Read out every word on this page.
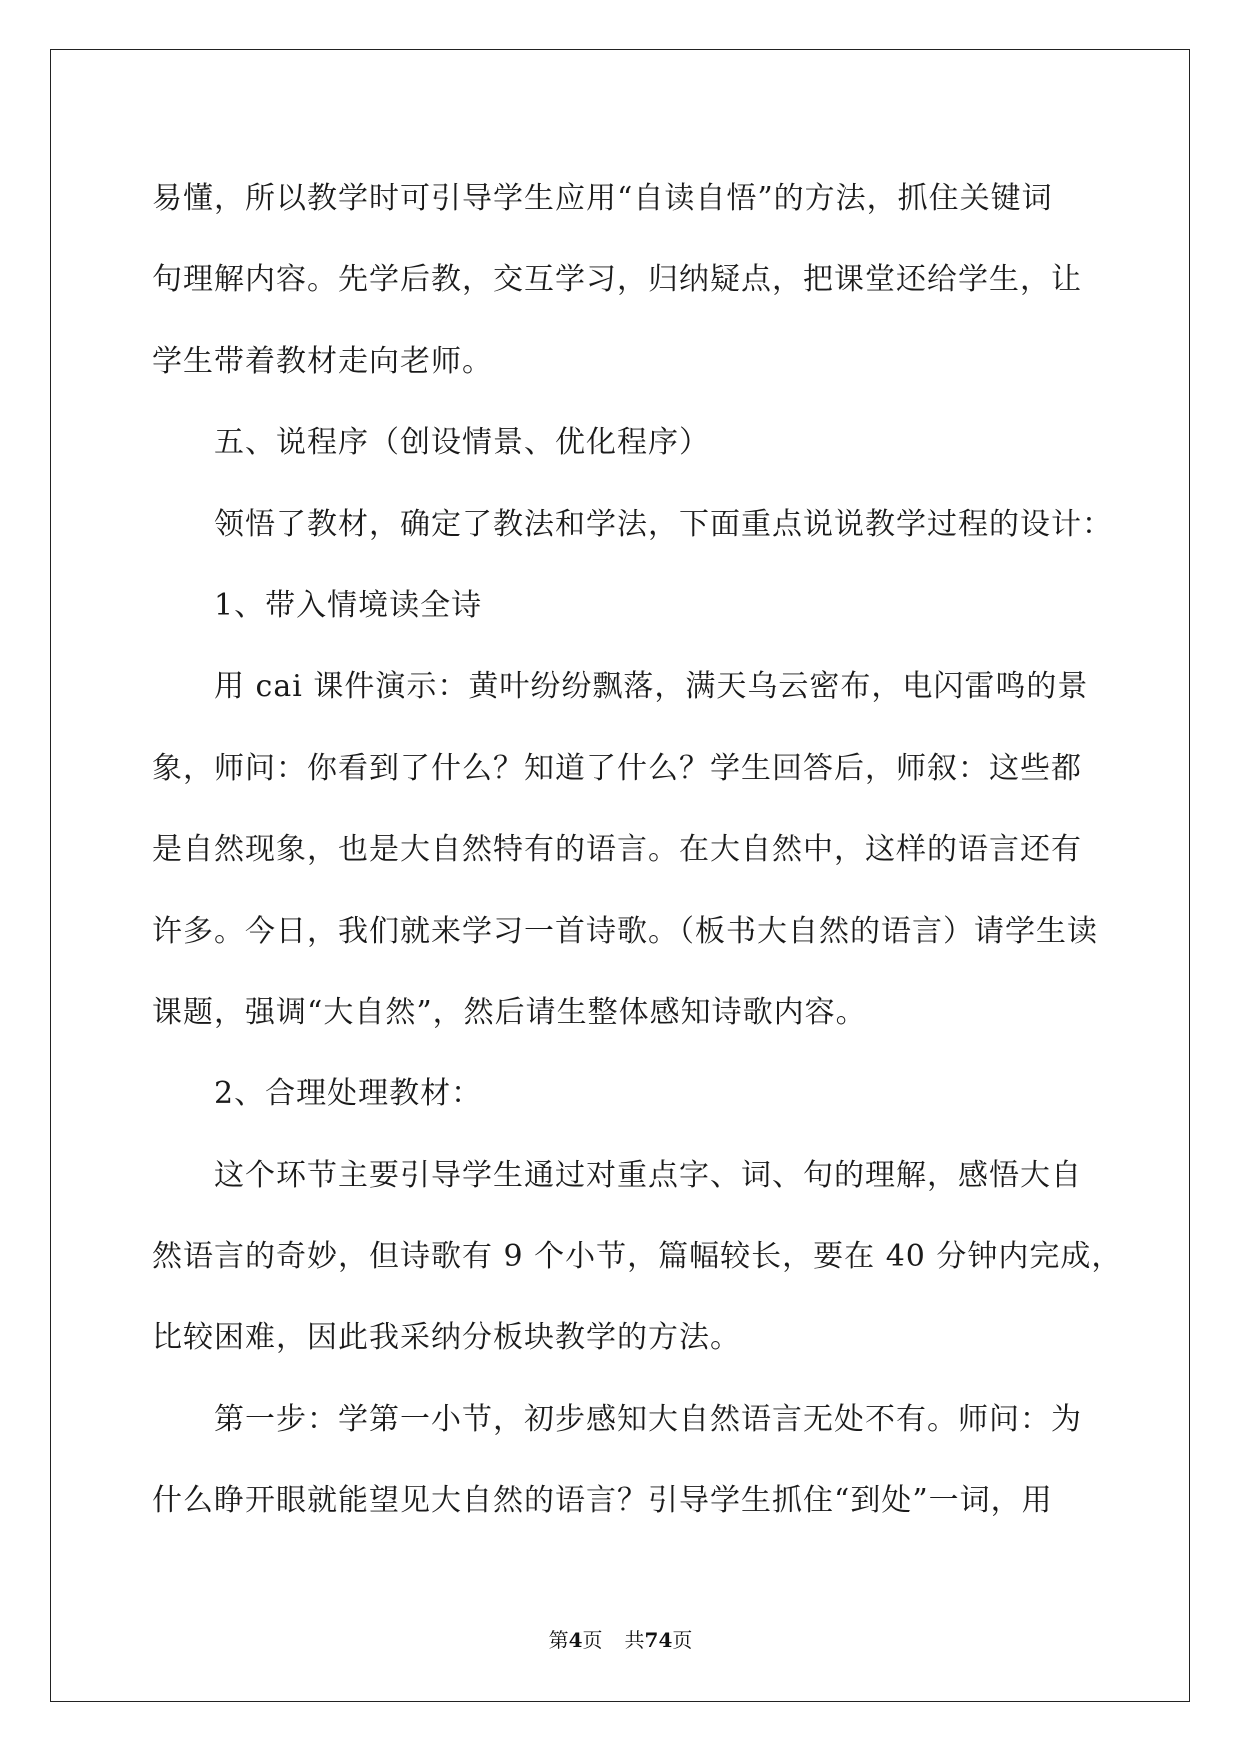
易懂，所以教学时可引导学生应用“自读自悟”的方法，抓住关键词
句理解内容。先学后教，交互学习，归纳疑点，把课堂还给学生，让
学生带着教材走向老师。
五、说程序（创设情景、优化程序）
领悟了教材，确定了教法和学法，下面重点说说教学过程的设计：
1、带入情境读全诗
用 cai 课件演示：黄叶纷纷飘落，满天乌云密布，电闪雷鸣的景
象，师问：你看到了什么？知道了什么？学生回答后，师叙：这些都
是自然现象，也是大自然特有的语言。在大自然中，这样的语言还有
许多。今日，我们就来学习一首诗歌。（板书大自然的语言）请学生读
课题，强调“大自然”，然后请生整体感知诗歌内容。
2、合理处理教材：
这个环节主要引导学生通过对重点字、词、句的理解，感悟大自
然语言的奇妙，但诗歌有 9 个小节，篇幅较长，要在 40 分钟内完成，
比较困难，因此我采纳分板块教学的方法。
第一步：学第一小节，初步感知大自然语言无处不有。师问：为
什么睁开眼就能望见大自然的语言？引导学生抓住“到处”一词，用
第4页 共74页
